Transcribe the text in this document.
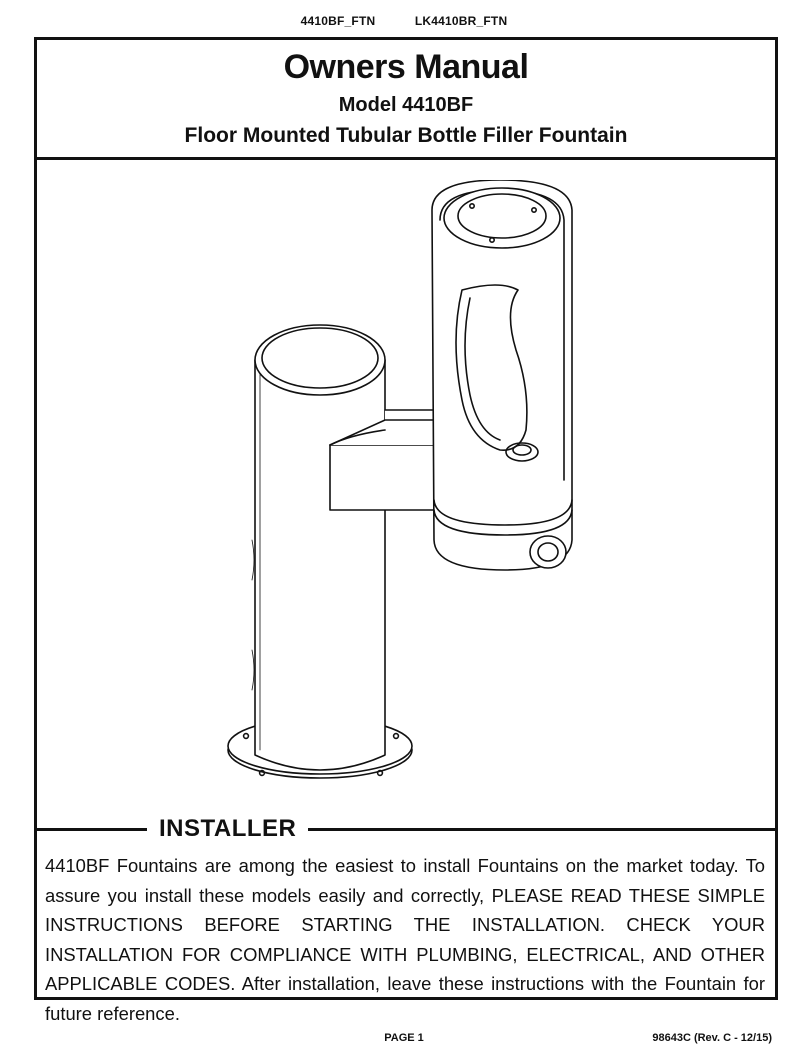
4410BF_FTN	LK4410BR_FTN
Owners Manual
Model 4410BF
Floor Mounted Tubular Bottle Filler Fountain
INSTALLER
4410BF Fountains are among the easiest to install Fountains on the market today. To assure you install these models easily and correctly, PLEASE READ THESE SIMPLE INSTRUCTIONS BEFORE STARTING THE INSTALLATION. CHECK YOUR INSTALLATION FOR COMPLIANCE WITH PLUMBING, ELECTRICAL, AND OTHER APPLICABLE CODES. After installation, leave these instructions with the Fountain for future reference.
PAGE 1	98643C (Rev. C - 12/15)
